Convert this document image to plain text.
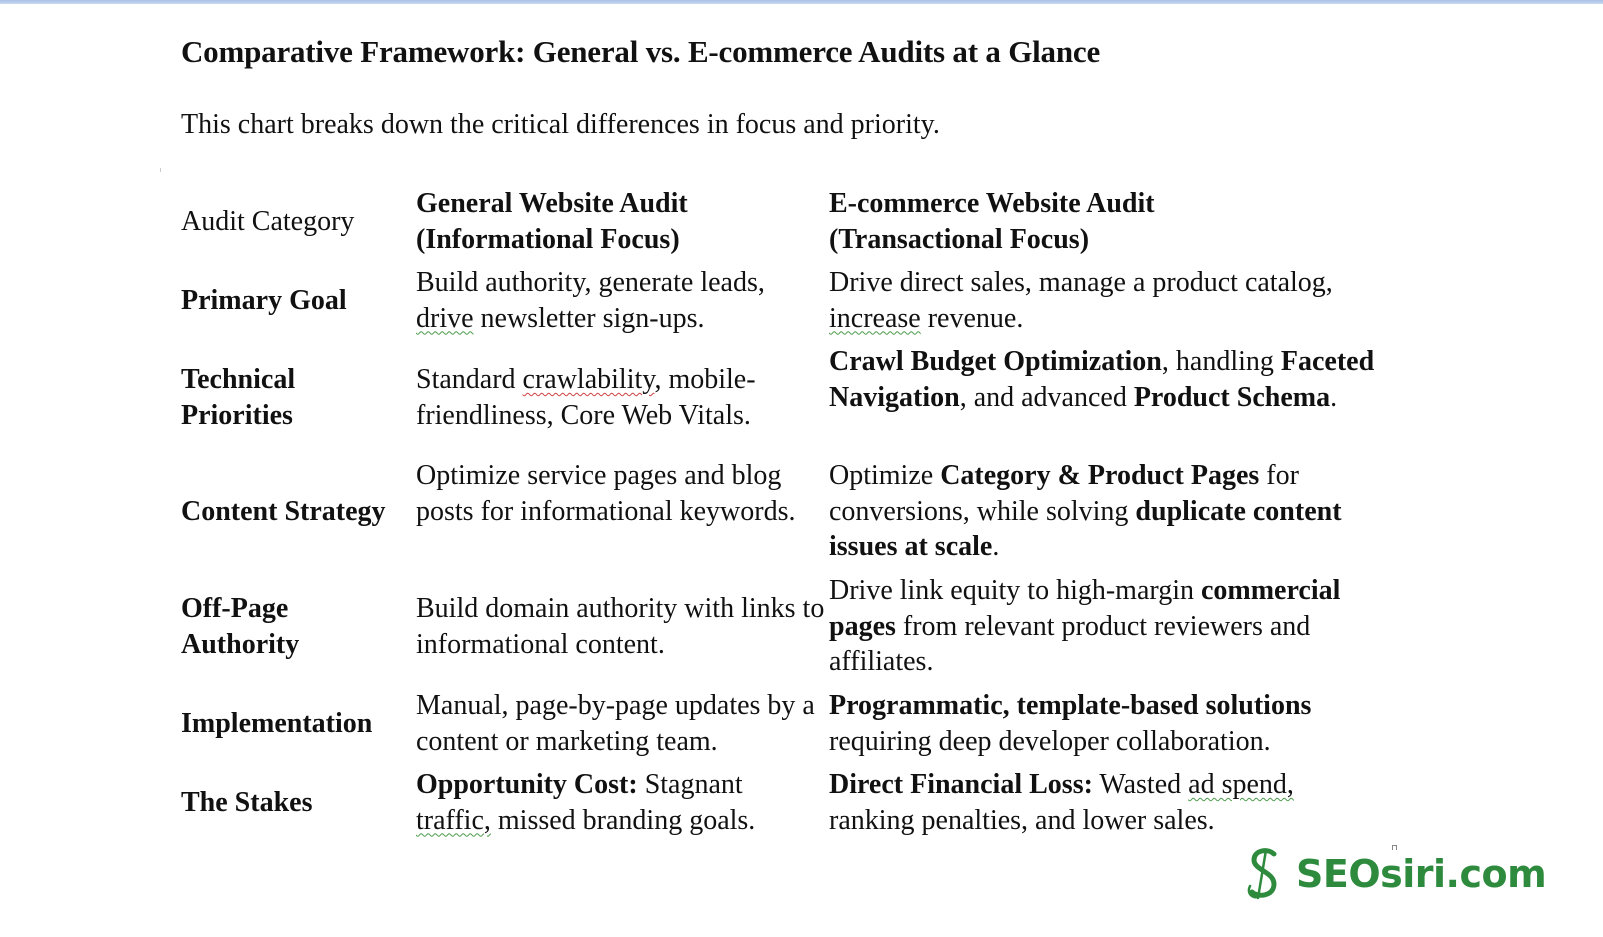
Comparative Framework: General vs. E-commerce Audits at a Glance

This chart breaks down the critical differences in focus and priority.

Audit Category
General Website Audit
(Informational Focus)
E-commerce Website Audit
(Transactional Focus)
Primary Goal
Build authority, generate leads,
drive newsletter sign-ups.
Drive direct sales, manage a product catalog,
increase revenue.
Technical
Priorities
Standard crawlability, mobile-friendliness, Core Web Vitals.
Crawl Budget Optimization, handling Faceted Navigation, and advanced Product Schema.
Content Strategy
Optimize service pages and blog posts for informational keywords.
Optimize Category & Product Pages for conversions, while solving duplicate content issues at scale.
Off-Page
Authority
Build domain authority with links to informational content.
Drive link equity to high-margin commercial pages from relevant product reviewers and affiliates.
Implementation
Manual, page-by-page updates by a content or marketing team.
Programmatic, template-based solutions requiring deep developer collaboration.
The Stakes
Opportunity Cost: Stagnant
traffic, missed branding goals.
Direct Financial Loss: Wasted ad spend,
ranking penalties, and lower sales.
SEOsiri.com
